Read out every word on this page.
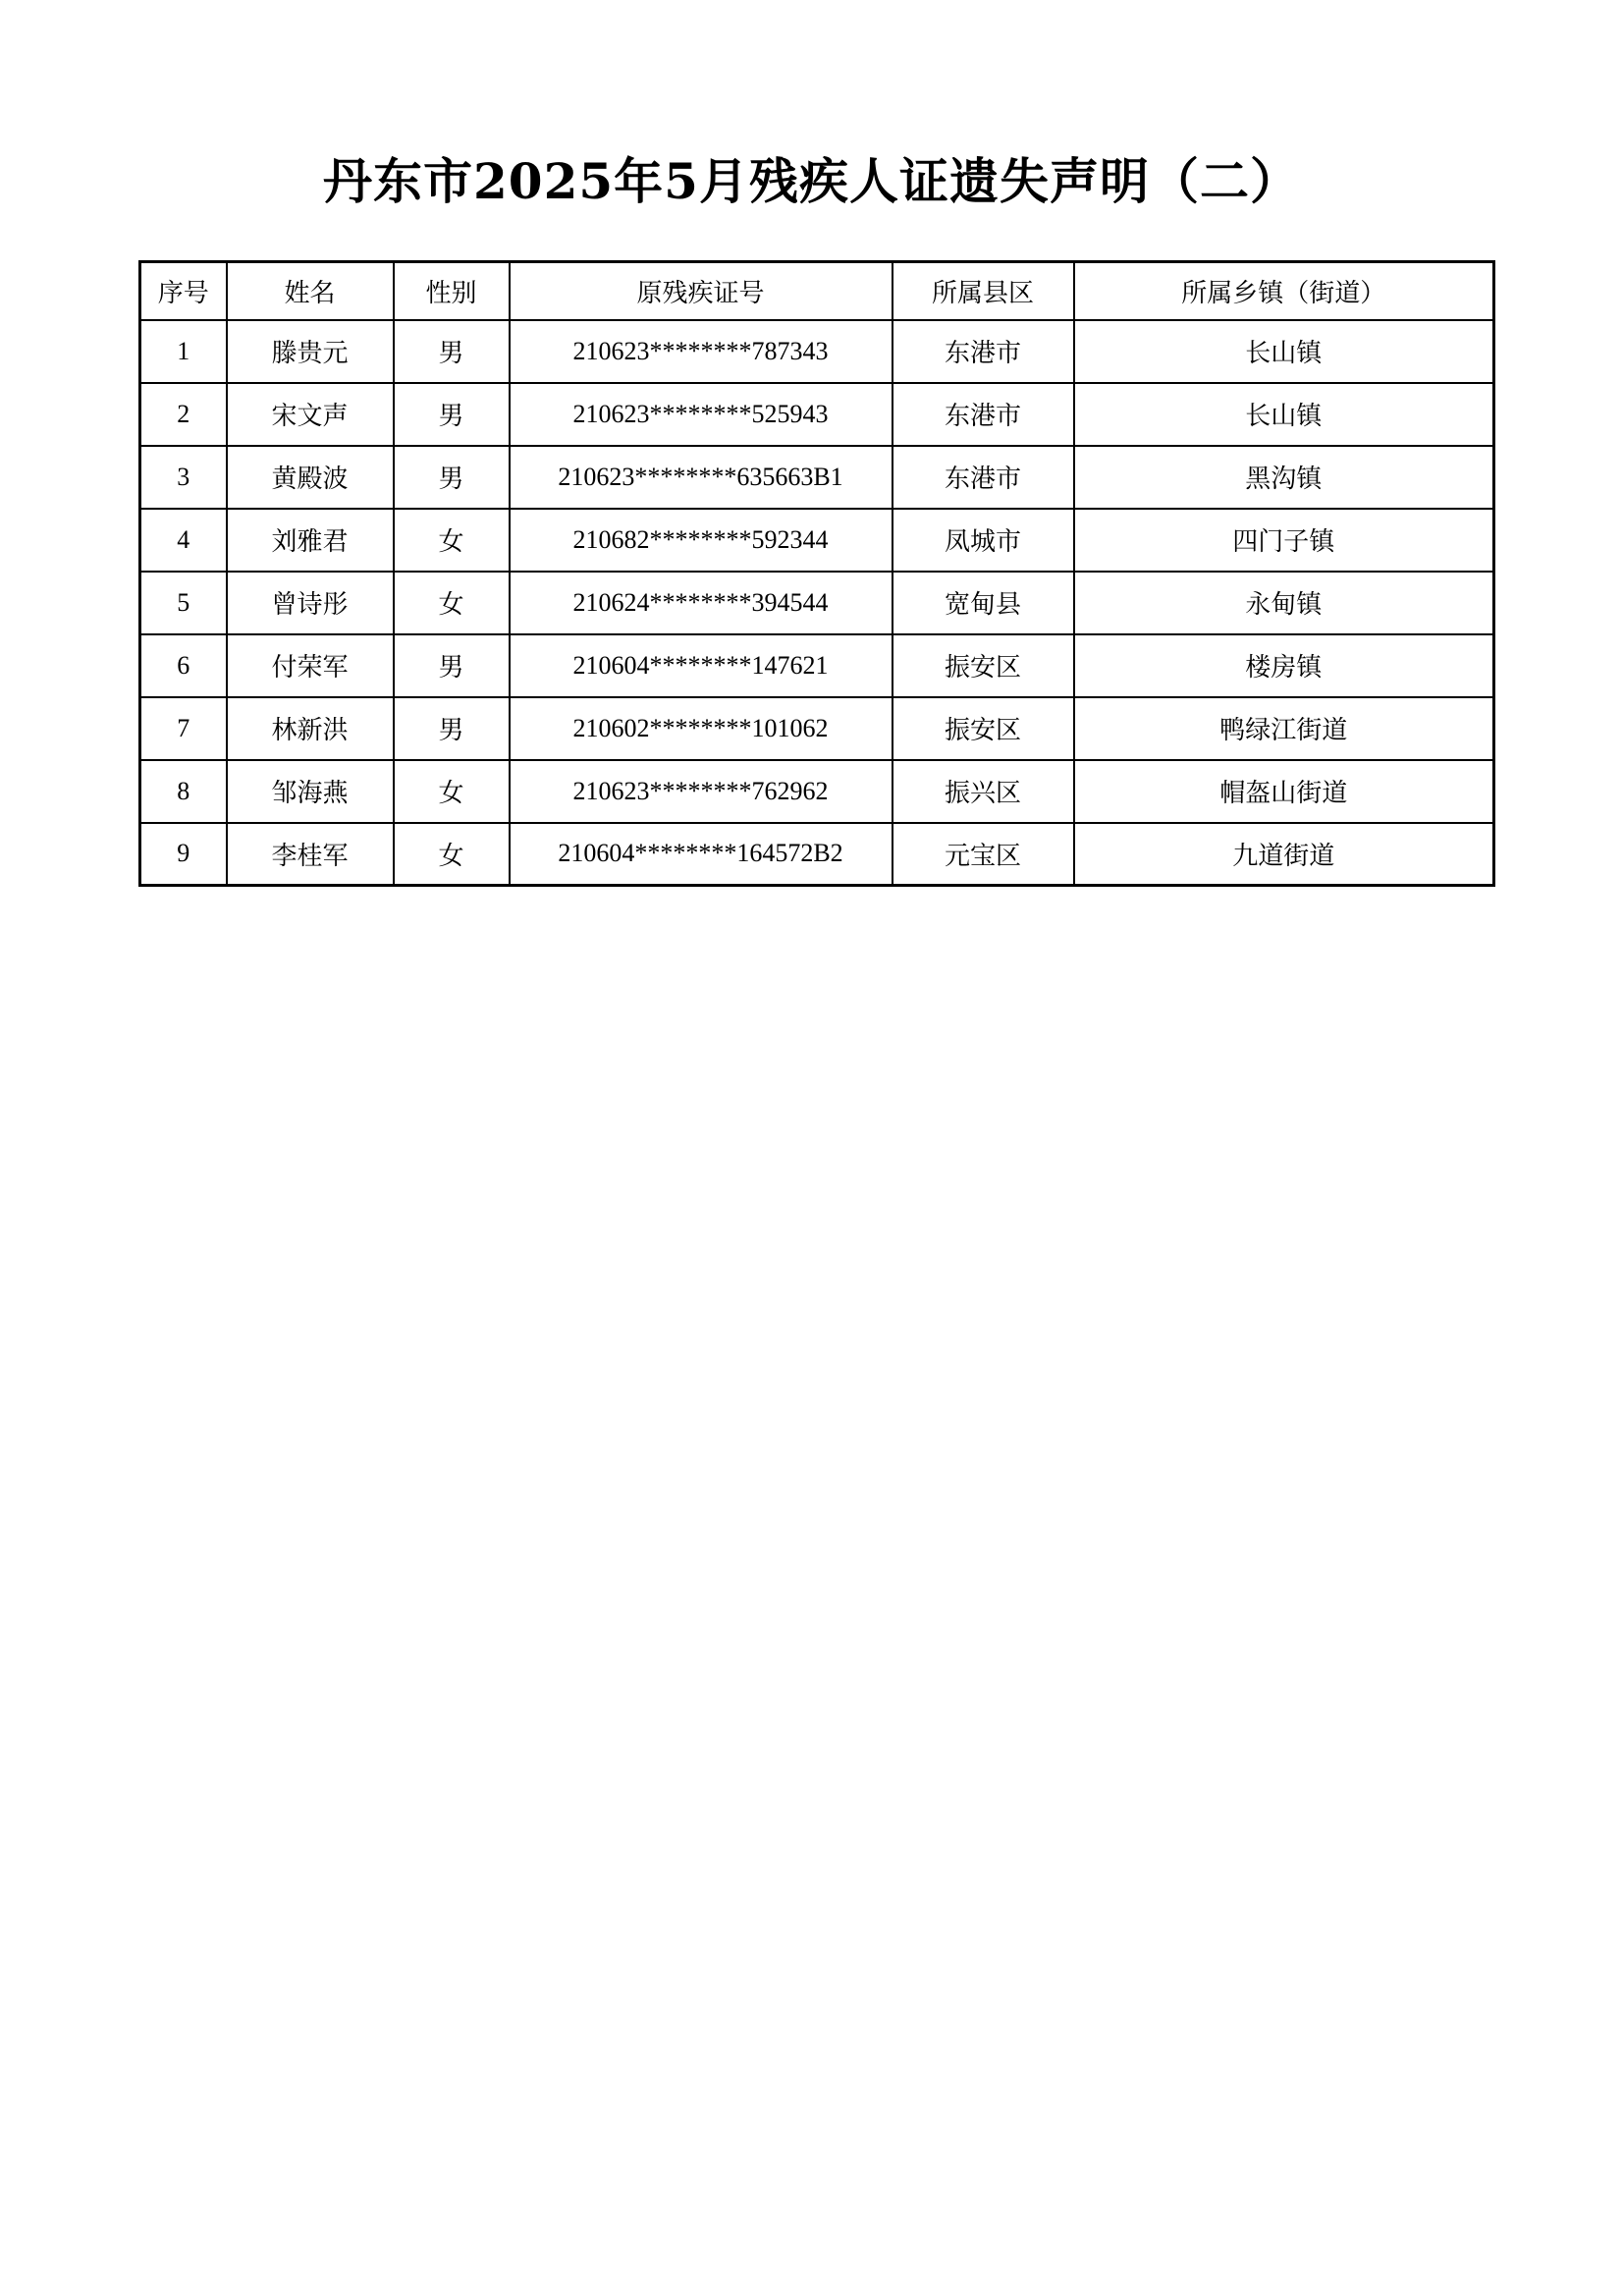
丹东市2025年5月残疾人证遗失声明（二）
序号	姓名	性别	原残疾证号	所属县区	所属乡镇（街道）
1	滕贵元	男	210623********787343	东港市	长山镇
2	宋文声	男	210623********525943	东港市	长山镇
3	黄殿波	男	210623********635663B1	东港市	黑沟镇
4	刘雅君	女	210682********592344	凤城市	四门子镇
5	曾诗彤	女	210624********394544	宽甸县	永甸镇
6	付荣军	男	210604********147621	振安区	楼房镇
7	林新洪	男	210602********101062	振安区	鸭绿江街道
8	邹海燕	女	210623********762962	振兴区	帽盔山街道
9	李桂军	女	210604********164572B2	元宝区	九道街道
